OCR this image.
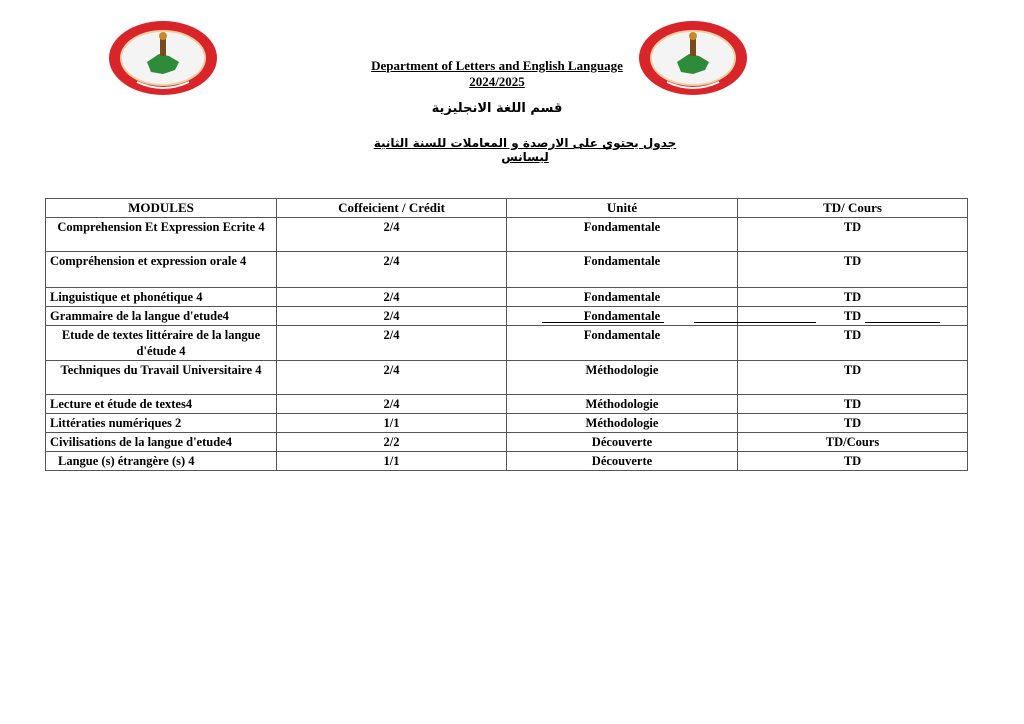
Department of Letters and English Language
2024/2025
قسم اللغة الانجليزية
جدول يحتوي على الارصدة و المعاملات للسنة الثانية ليسانس
MODULES	Coffeicient / Crédit	Unité	TD/ Cours
Comprehension Et Expression Ecrite 4	2/4	Fondamentale	TD
Compréhension et expression orale 4	2/4	Fondamentale	TD
Linguistique et phonétique 4	2/4	Fondamentale	TD
Grammaire de la langue d'etude4	2/4	Fondamentale	TD
Etude de textes littéraire de la langue d'étude 4	2/4	Fondamentale	TD
Techniques du Travail Universitaire 4	2/4	Méthodologie	TD
Lecture et étude de textes4	2/4	Méthodologie	TD
Littératies numériques 2	1/1	Méthodologie	TD
Civilisations de la langue d'etude4	2/2	Découverte	TD/Cours
Langue (s) étrangère (s) 4	1/1	Découverte	TD
